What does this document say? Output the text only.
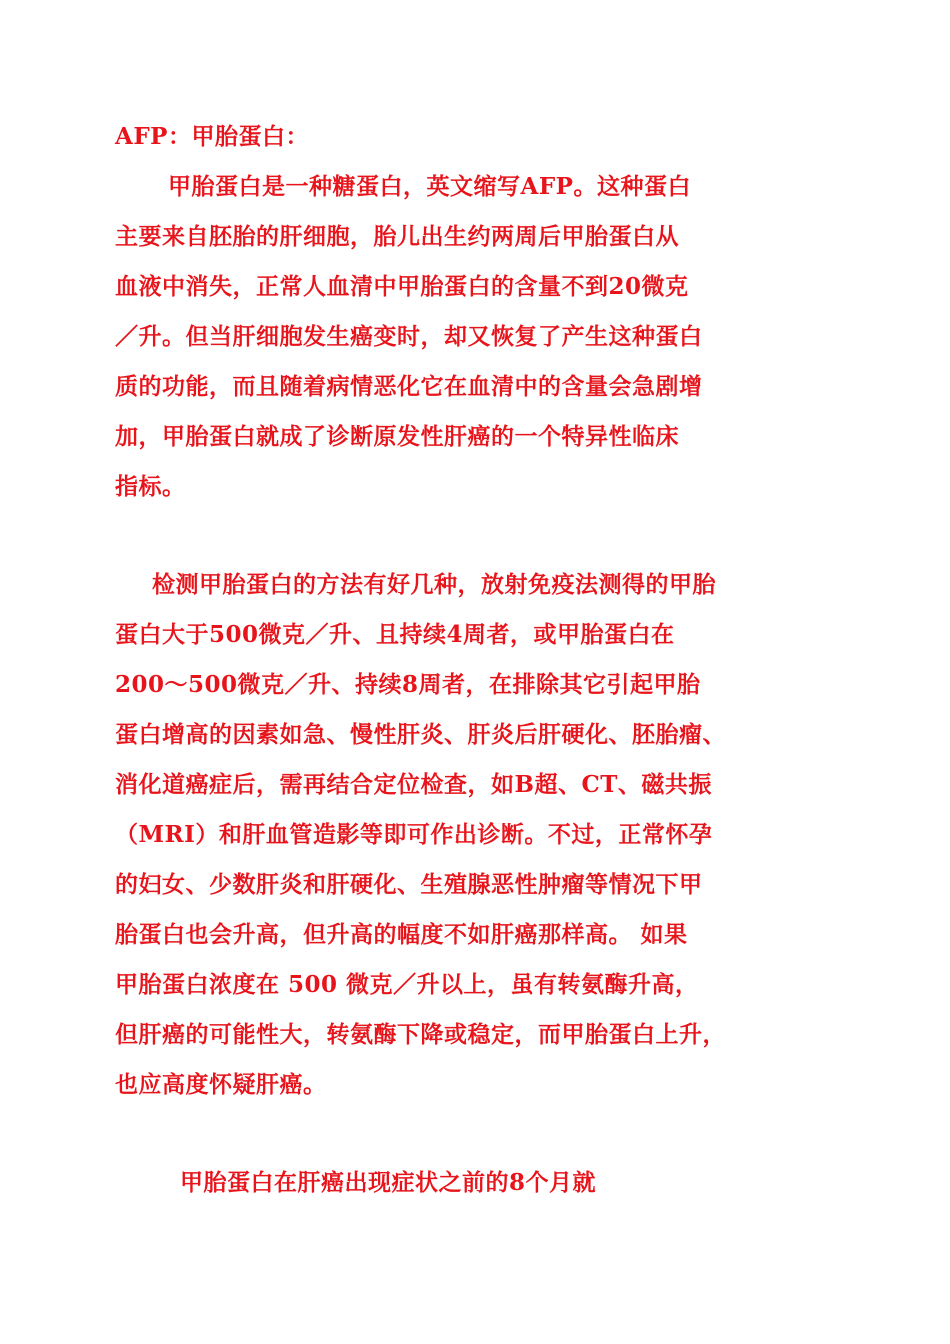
AFP：甲胎蛋白：
甲胎蛋白是一种糖蛋白，英文缩写AFP。这种蛋白
主要来自胚胎的肝细胞，胎儿出生约两周后甲胎蛋白从
血液中消失，正常人血清中甲胎蛋白的含量不到20微克
／升。但当肝细胞发生癌变时，却又恢复了产生这种蛋白
质的功能，而且随着病情恶化它在血清中的含量会急剧增
加，甲胎蛋白就成了诊断原发性肝癌的一个特异性临床
指标。
检测甲胎蛋白的方法有好几种，放射免疫法测得的甲胎
蛋白大于500微克／升、且持续4周者，或甲胎蛋白在
200～500微克／升、持续8周者，在排除其它引起甲胎
蛋白增高的因素如急、慢性肝炎、肝炎后肝硬化、胚胎瘤、
消化道癌症后，需再结合定位检查，如B超、CT、磁共振
（MRI）和肝血管造影等即可作出诊断。不过，正常怀孕
的妇女、少数肝炎和肝硬化、生殖腺恶性肿瘤等情况下甲
胎蛋白也会升高，但升高的幅度不如肝癌那样高。 如果
甲胎蛋白浓度在 500 微克／升以上，虽有转氨酶升高，
但肝癌的可能性大，转氨酶下降或稳定，而甲胎蛋白上升，
也应高度怀疑肝癌。
甲胎蛋白在肝癌出现症状之前的8个月就
